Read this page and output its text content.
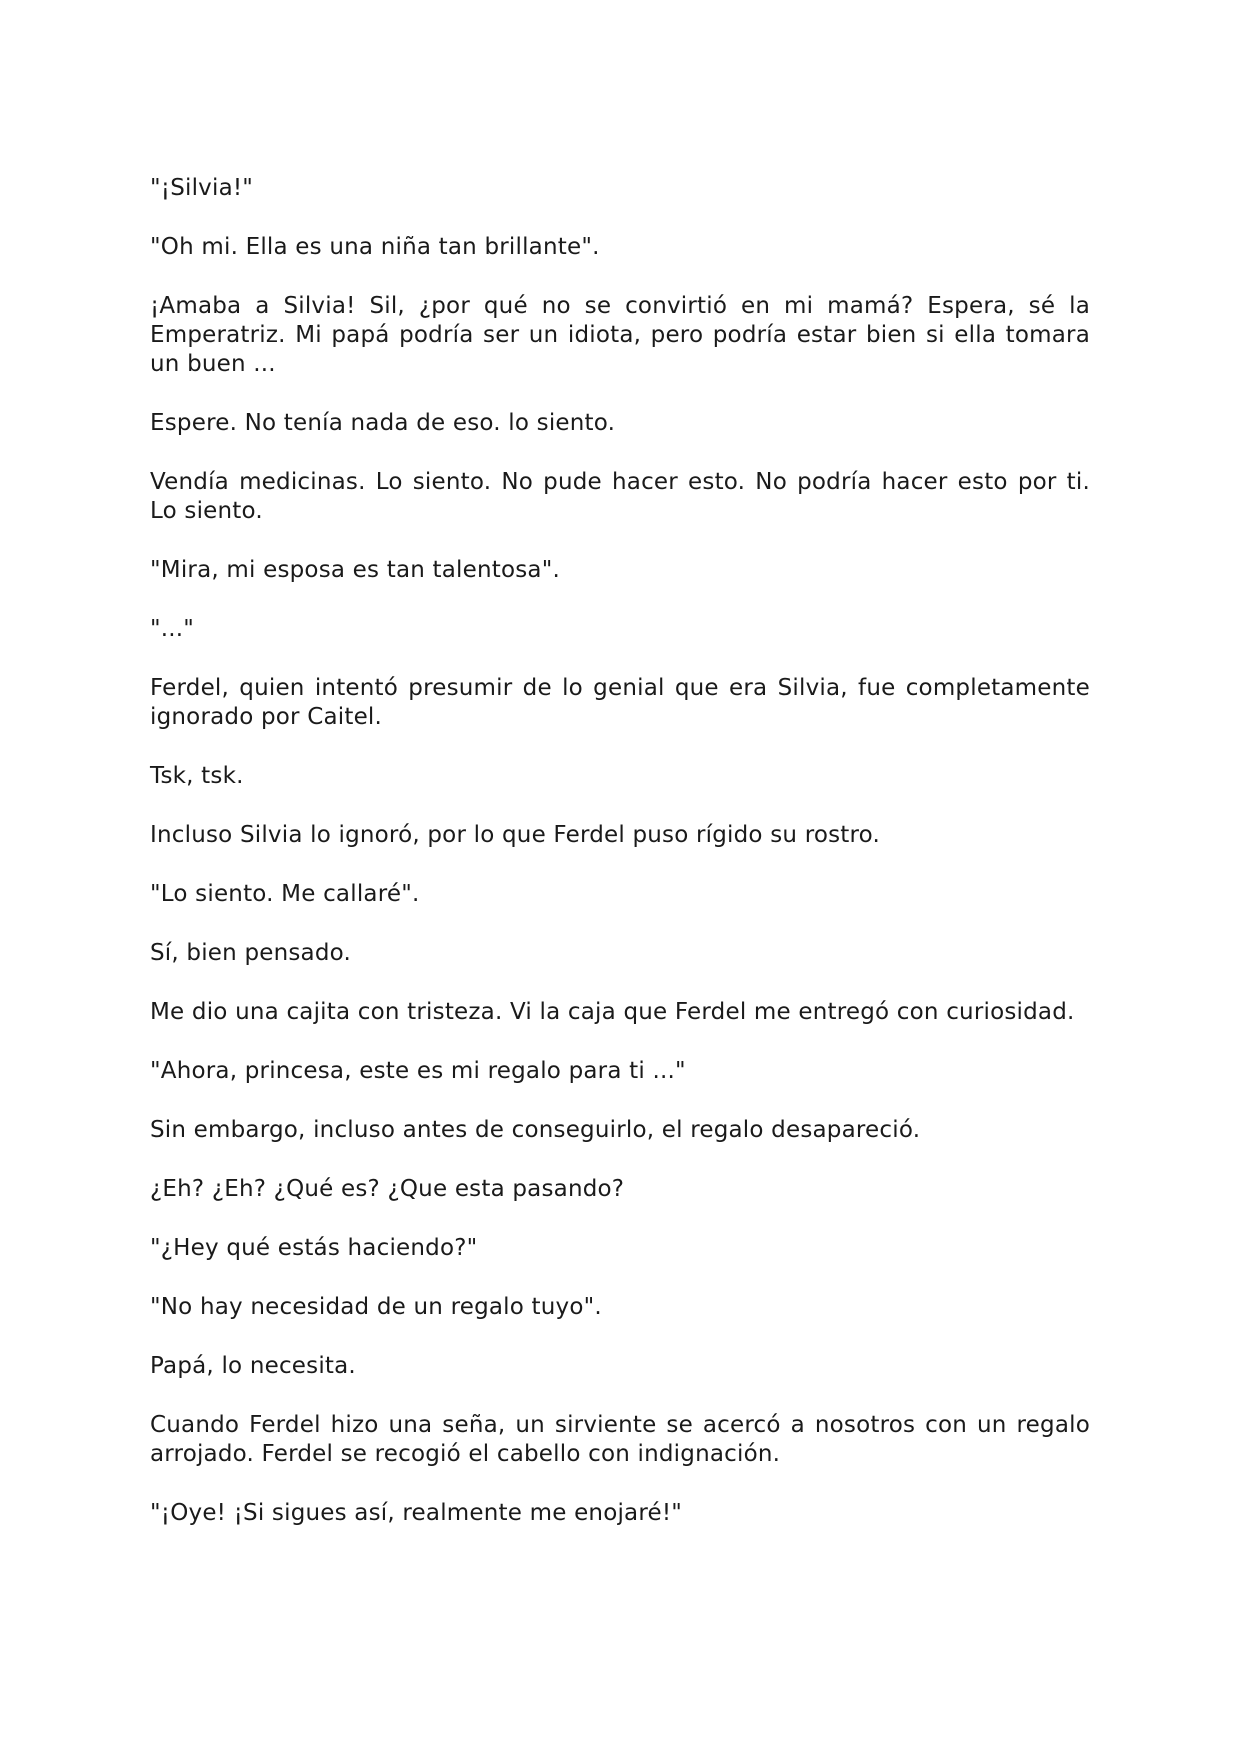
"¡Silvia!"

"Oh mi. Ella es una niña tan brillante".

¡Amaba a Silvia! Sil, ¿por qué no se convirtió en mi mamá? Espera, sé la Emperatriz. Mi papá podría ser un idiota, pero podría estar bien si ella tomara un buen ...

Espere. No tenía nada de eso. lo siento.

Vendía medicinas. Lo siento. No pude hacer esto. No podría hacer esto por ti. Lo siento.

"Mira, mi esposa es tan talentosa".

"..."

Ferdel, quien intentó presumir de lo genial que era Silvia, fue completamente ignorado por Caitel.

Tsk, tsk.

Incluso Silvia lo ignoró, por lo que Ferdel puso rígido su rostro.

"Lo siento. Me callaré".

Sí, bien pensado.

Me dio una cajita con tristeza. Vi la caja que Ferdel me entregó con curiosidad.

"Ahora, princesa, este es mi regalo para ti ..."

Sin embargo, incluso antes de conseguirlo, el regalo desapareció.

¿Eh? ¿Eh? ¿Qué es? ¿Que esta pasando?

"¿Hey qué estás haciendo?"

"No hay necesidad de un regalo tuyo".

Papá, lo necesita.

Cuando Ferdel hizo una seña, un sirviente se acercó a nosotros con un regalo arrojado. Ferdel se recogió el cabello con indignación.

"¡Oye! ¡Si sigues así, realmente me enojaré!"
